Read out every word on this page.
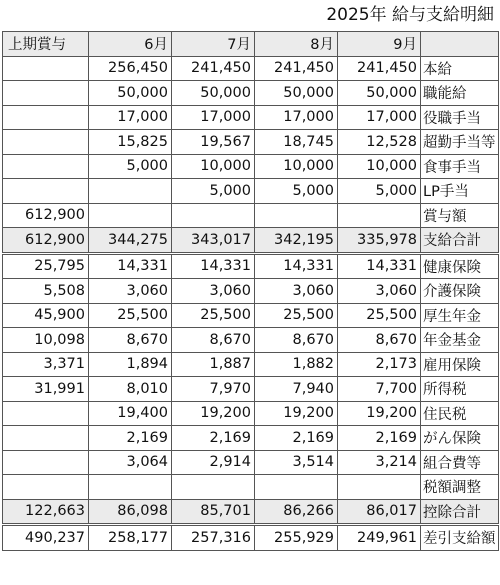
2025年 給与支給明細
上期賞与	6月	7月	8月	9月	
	256,450	241,450	241,450	241,450	本給
	50,000	50,000	50,000	50,000	職能給
	17,000	17,000	17,000	17,000	役職手当
	15,825	19,567	18,745	12,528	超勤手当等
	5,000	10,000	10,000	10,000	食事手当
		5,000	5,000	5,000	LP手当
612,900					賞与額
612,900	344,275	343,017	342,195	335,978	支給合計
25,795	14,331	14,331	14,331	14,331	健康保険
5,508	3,060	3,060	3,060	3,060	介護保険
45,900	25,500	25,500	25,500	25,500	厚生年金
10,098	8,670	8,670	8,670	8,670	年金基金
3,371	1,894	1,887	1,882	2,173	雇用保険
31,991	8,010	7,970	7,940	7,700	所得税
	19,400	19,200	19,200	19,200	住民税
	2,169	2,169	2,169	2,169	がん保険
	3,064	2,914	3,514	3,214	組合費等
					税額調整
122,663	86,098	85,701	86,266	86,017	控除合計
490,237	258,177	257,316	255,929	249,961	差引支給額
